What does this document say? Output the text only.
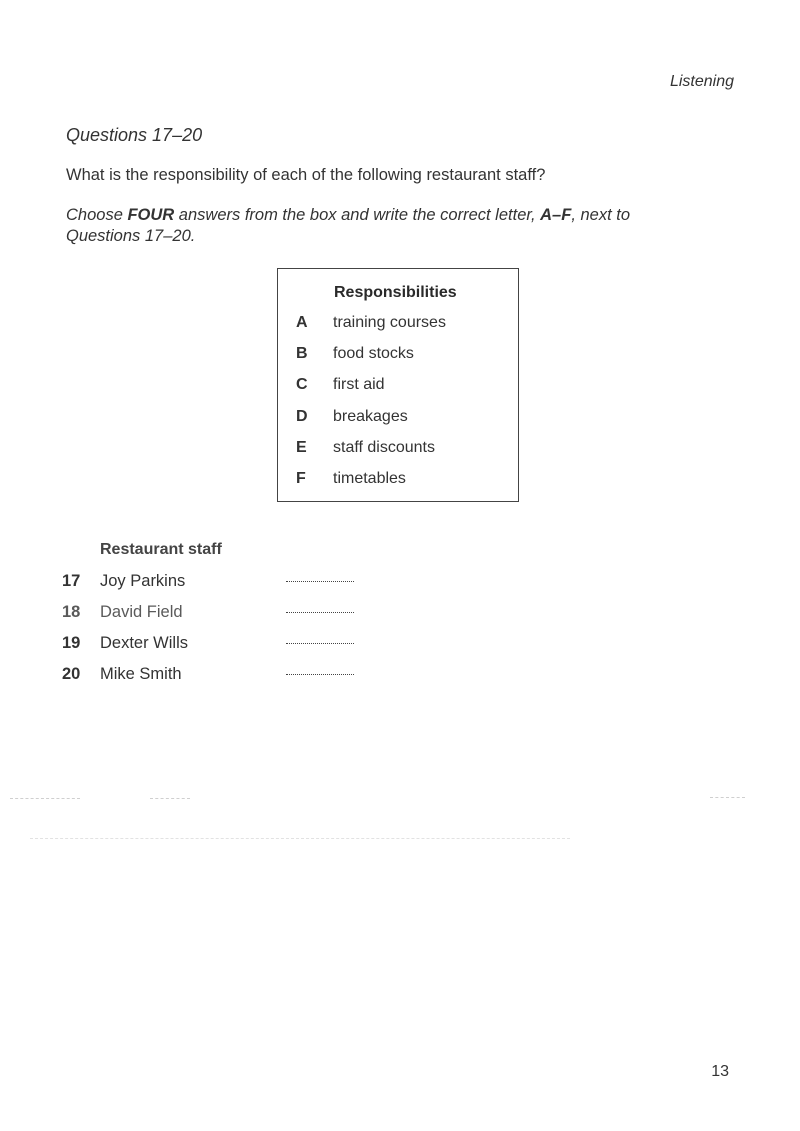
Listening
Questions 17–20
What is the responsibility of each of the following restaurant staff?
Choose FOUR answers from the box and write the correct letter, A–F, next to Questions 17–20.
Responsibilities
A training courses
B food stocks
C first aid
D breakages
E staff discounts
F timetables
Restaurant staff
17 Joy Parkins
18 David Field
19 Dexter Wills
20 Mike Smith
13
